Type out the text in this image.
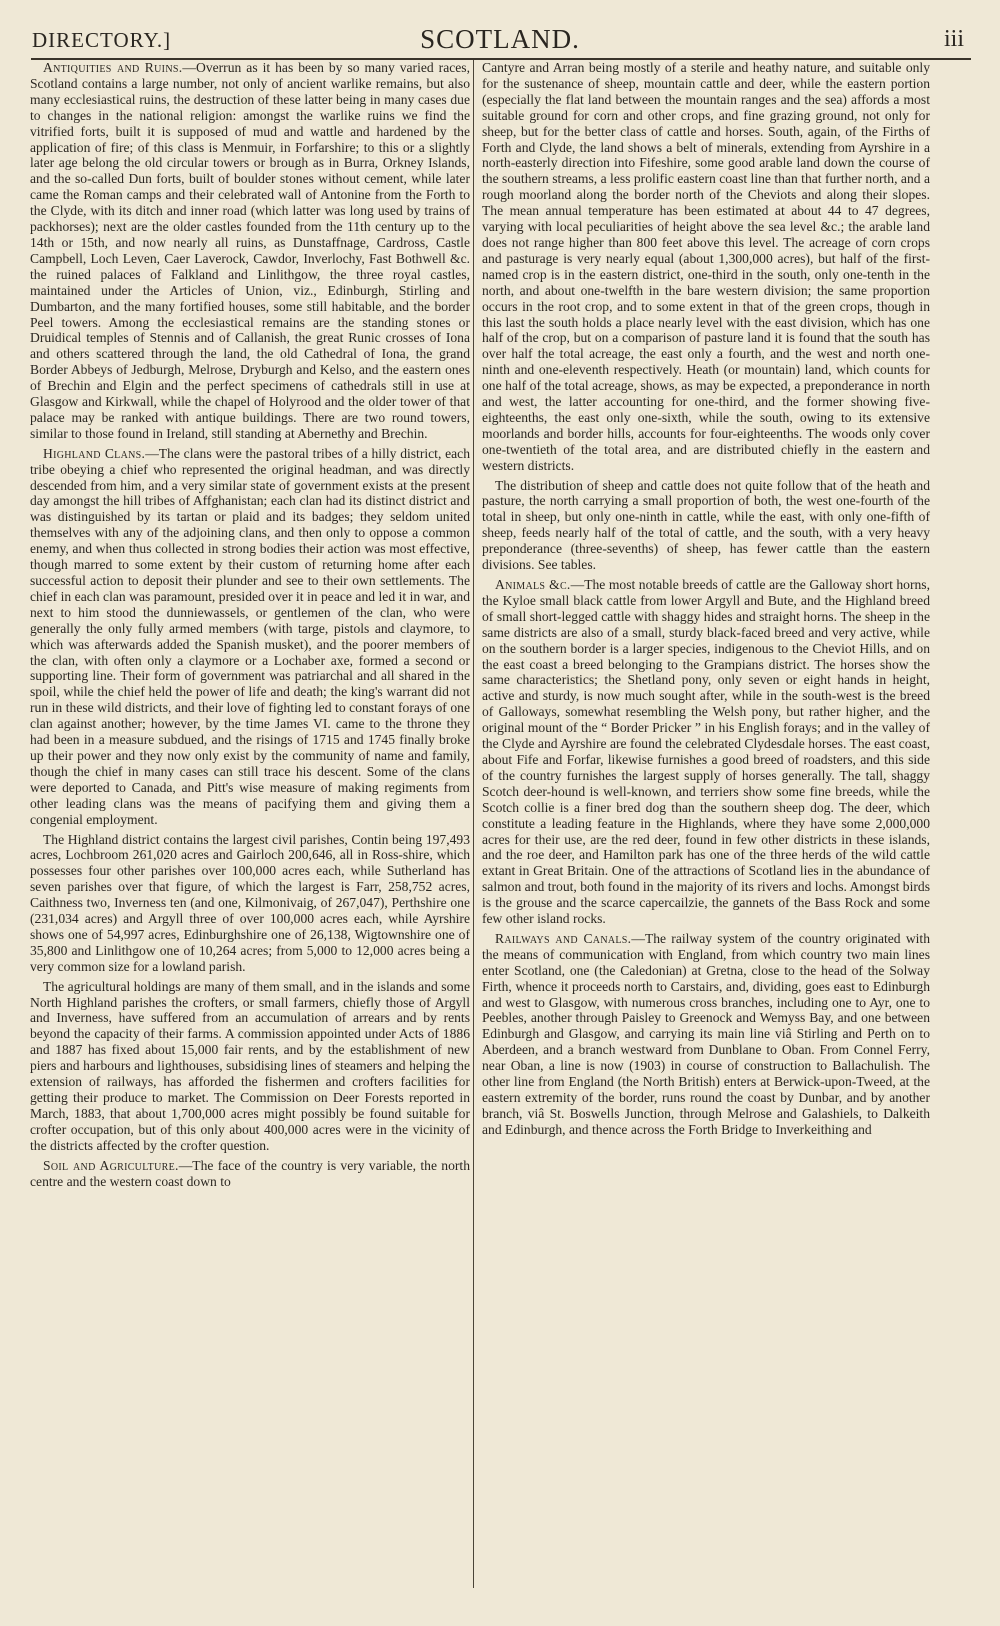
DIRECTORY.]	SCOTLAND.	iii

Antiquities and Ruins.—Overrun as it has been by so many varied races, Scotland contains a large number, not only of ancient warlike remains, but also many ecclesiastical ruins, the destruction of these latter being in many cases due to changes in the national religion: amongst the warlike ruins we find the vitrified forts, built it is supposed of mud and wattle and hardened by the application of fire; of this class is Menmuir, in Forfarshire; to this or a slightly later age belong the old circular towers or brough as in Burra, Orkney Islands, and the so-called Dun forts, built of boulder stones without cement, while later came the Roman camps and their celebrated wall of Antonine from the Forth to the Clyde, with its ditch and inner road (which latter was long used by trains of packhorses); next are the older castles founded from the 11th century up to the 14th or 15th, and now nearly all ruins, as Dunstaffnage, Cardross, Castle Campbell, Loch Leven, Caer Laverock, Cawdor, Inverlochy, Fast Bothwell &c. the ruined palaces of Falkland and Linlithgow, the three royal castles, maintained under the Articles of Union, viz., Edinburgh, Stirling and Dumbarton, and the many fortified houses, some still habitable, and the border Peel towers. Among the ecclesiastical remains are the standing stones or Druidical temples of Stennis and of Callanish, the great Runic crosses of Iona and others scattered through the land, the old Cathedral of Iona, the grand Border Abbeys of Jedburgh, Melrose, Dryburgh and Kelso, and the eastern ones of Brechin and Elgin and the perfect specimens of cathedrals still in use at Glasgow and Kirkwall, while the chapel of Holyrood and the older tower of that palace may be ranked with antique buildings. There are two round towers, similar to those found in Ireland, still standing at Abernethy and Brechin.

Highland Clans.—The clans were the pastoral tribes of a hilly district, each tribe obeying a chief who represented the original headman, and was directly descended from him, and a very similar state of government exists at the present day amongst the hill tribes of Affghanistan; each clan had its distinct district and was distinguished by its tartan or plaid and its badges; they seldom united themselves with any of the adjoining clans, and then only to oppose a common enemy, and when thus collected in strong bodies their action was most effective, though marred to some extent by their custom of returning home after each successful action to deposit their plunder and see to their own settlements. The chief in each clan was paramount, presided over it in peace and led it in war, and next to him stood the dunniewassels, or gentlemen of the clan, who were generally the only fully armed members (with targe, pistols and claymore, to which was afterwards added the Spanish musket), and the poorer members of the clan, with often only a claymore or a Lochaber axe, formed a second or supporting line. Their form of government was patriarchal and all shared in the spoil, while the chief held the power of life and death; the king's warrant did not run in these wild districts, and their love of fighting led to constant forays of one clan against another; however, by the time James VI. came to the throne they had been in a measure subdued, and the risings of 1715 and 1745 finally broke up their power and they now only exist by the community of name and family, though the chief in many cases can still trace his descent. Some of the clans were deported to Canada, and Pitt's wise measure of making regiments from other leading clans was the means of pacifying them and giving them a congenial employment.

The Highland district contains the largest civil parishes, Contin being 197,493 acres, Lochbroom 261,020 acres and Gairloch 200,646, all in Ross-shire, which possesses four other parishes over 100,000 acres each, while Sutherland has seven parishes over that figure, of which the largest is Farr, 258,752 acres, Caithness two, Inverness ten (and one, Kilmonivaig, of 267,047), Perthshire one (231,034 acres) and Argyll three of over 100,000 acres each, while Ayrshire shows one of 54,997 acres, Edinburghshire one of 26,138, Wigtownshire one of 35,800 and Linlithgow one of 10,264 acres; from 5,000 to 12,000 acres being a very common size for a lowland parish.

The agricultural holdings are many of them small, and in the islands and some North Highland parishes the crofters, or small farmers, chiefly those of Argyll and Inverness, have suffered from an accumulation of arrears and by rents beyond the capacity of their farms. A commission appointed under Acts of 1886 and 1887 has fixed about 15,000 fair rents, and by the establishment of new piers and harbours and lighthouses, subsidising lines of steamers and helping the extension of railways, has afforded the fishermen and crofters facilities for getting their produce to market. The Commission on Deer Forests reported in March, 1883, that about 1,700,000 acres might possibly be found suitable for crofter occupation, but of this only about 400,000 acres were in the vicinity of the districts affected by the crofter question.

Soil and Agriculture.—The face of the country is very variable, the north centre and the western coast down to

Cantyre and Arran being mostly of a sterile and heathy nature, and suitable only for the sustenance of sheep, mountain cattle and deer, while the eastern portion (especially the flat land between the mountain ranges and the sea) affords a most suitable ground for corn and other crops, and fine grazing ground, not only for sheep, but for the better class of cattle and horses. South, again, of the Firths of Forth and Clyde, the land shows a belt of minerals, extending from Ayrshire in a north-easterly direction into Fifeshire, some good arable land down the course of the southern streams, a less prolific eastern coast line than that further north, and a rough moorland along the border north of the Cheviots and along their slopes. The mean annual temperature has been estimated at about 44 to 47 degrees, varying with local peculiarities of height above the sea level &c.; the arable land does not range higher than 800 feet above this level. The acreage of corn crops and pasturage is very nearly equal (about 1,300,000 acres), but half of the first-named crop is in the eastern district, one-third in the south, only one-tenth in the north, and about one-twelfth in the bare western division; the same proportion occurs in the root crop, and to some extent in that of the green crops, though in this last the south holds a place nearly level with the east division, which has one half of the crop, but on a comparison of pasture land it is found that the south has over half the total acreage, the east only a fourth, and the west and north one-ninth and one-eleventh respectively. Heath (or mountain) land, which counts for one half of the total acreage, shows, as may be expected, a preponderance in north and west, the latter accounting for one-third, and the former showing five-eighteenths, the east only one-sixth, while the south, owing to its extensive moorlands and border hills, accounts for four-eighteenths. The woods only cover one-twentieth of the total area, and are distributed chiefly in the eastern and western districts.

The distribution of sheep and cattle does not quite follow that of the heath and pasture, the north carrying a small proportion of both, the west one-fourth of the total in sheep, but only one-ninth in cattle, while the east, with only one-fifth of sheep, feeds nearly half of the total of cattle, and the south, with a very heavy preponderance (three-sevenths) of sheep, has fewer cattle than the eastern divisions. See tables.

Animals &c.—The most notable breeds of cattle are the Galloway short horns, the Kyloe small black cattle from lower Argyll and Bute, and the Highland breed of small short-legged cattle with shaggy hides and straight horns. The sheep in the same districts are also of a small, sturdy black-faced breed and very active, while on the southern border is a larger species, indigenous to the Cheviot Hills, and on the east coast a breed belonging to the Grampians district. The horses show the same characteristics; the Shetland pony, only seven or eight hands in height, active and sturdy, is now much sought after, while in the south-west is the breed of Galloways, somewhat resembling the Welsh pony, but rather higher, and the original mount of the “ Border Pricker ” in his English forays; and in the valley of the Clyde and Ayrshire are found the celebrated Clydesdale horses. The east coast, about Fife and Forfar, likewise furnishes a good breed of roadsters, and this side of the country furnishes the largest supply of horses generally. The tall, shaggy Scotch deer-hound is well-known, and terriers show some fine breeds, while the Scotch collie is a finer bred dog than the southern sheep dog. The deer, which constitute a leading feature in the Highlands, where they have some 2,000,000 acres for their use, are the red deer, found in few other districts in these islands, and the roe deer, and Hamilton park has one of the three herds of the wild cattle extant in Great Britain. One of the attractions of Scotland lies in the abundance of salmon and trout, both found in the majority of its rivers and lochs. Amongst birds is the grouse and the scarce capercailzie, the gannets of the Bass Rock and some few other island rocks.

Railways and Canals.—The railway system of the country originated with the means of communication with England, from which country two main lines enter Scotland, one (the Caledonian) at Gretna, close to the head of the Solway Firth, whence it proceeds north to Carstairs, and, dividing, goes east to Edinburgh and west to Glasgow, with numerous cross branches, including one to Ayr, one to Peebles, another through Paisley to Greenock and Wemyss Bay, and one between Edinburgh and Glasgow, and carrying its main line viâ Stirling and Perth on to Aberdeen, and a branch westward from Dunblane to Oban. From Connel Ferry, near Oban, a line is now (1903) in course of construction to Ballachulish. The other line from England (the North British) enters at Berwick-upon-Tweed, at the eastern extremity of the border, runs round the coast by Dunbar, and by another branch, viâ St. Boswells Junction, through Melrose and Galashiels, to Dalkeith and Edinburgh, and thence across the Forth Bridge to Inverkeithing and
